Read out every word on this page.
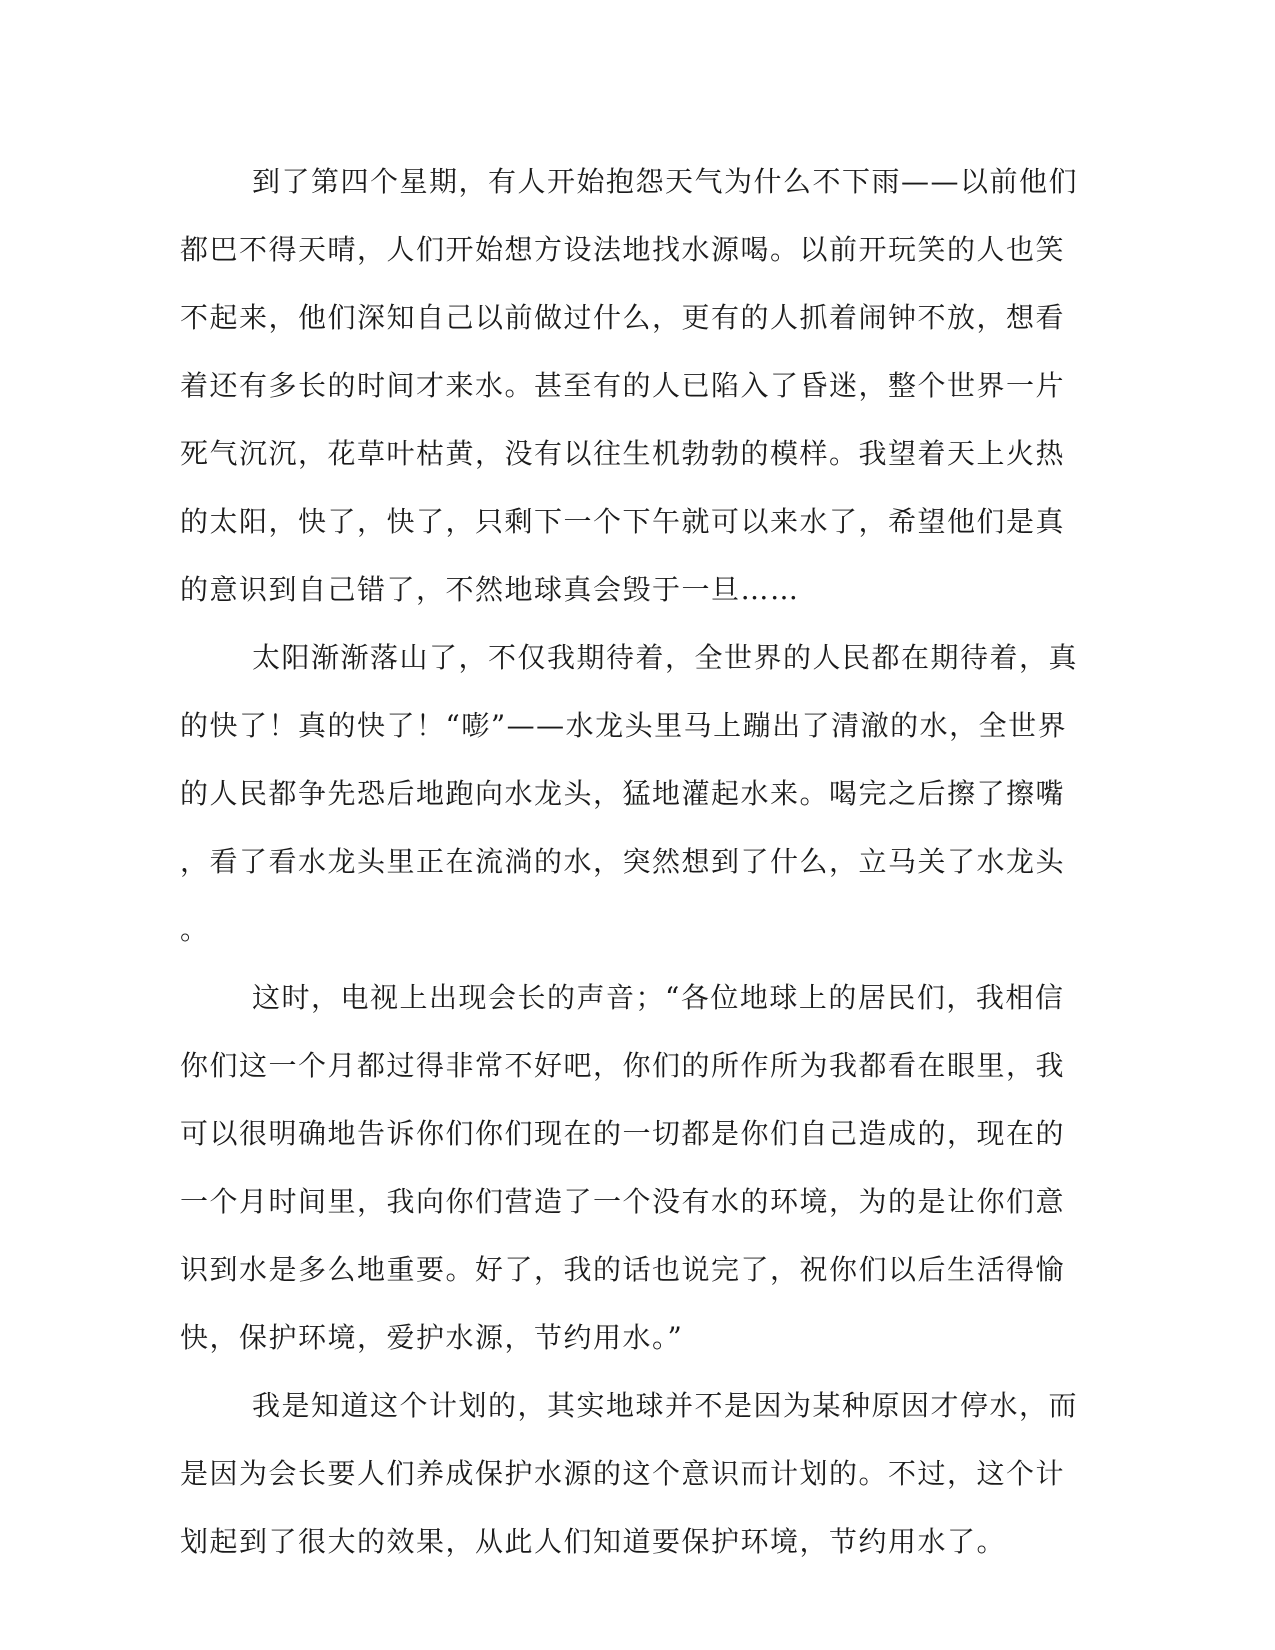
到了第四个星期，有人开始抱怨天气为什么不下雨——以前他们
都巴不得天晴，人们开始想方设法地找水源喝。以前开玩笑的人也笑
不起来，他们深知自己以前做过什么，更有的人抓着闹钟不放，想看
着还有多长的时间才来水。甚至有的人已陷入了昏迷，整个世界一片
死气沉沉，花草叶枯黄，没有以往生机勃勃的模样。我望着天上火热
的太阳，快了，快了，只剩下一个下午就可以来水了，希望他们是真
的意识到自己错了，不然地球真会毁于一旦……
太阳渐渐落山了，不仅我期待着，全世界的人民都在期待着，真
的快了！真的快了！“嘭”——水龙头里马上蹦出了清澈的水，全世界
的人民都争先恐后地跑向水龙头，猛地灌起水来。喝完之后擦了擦嘴
，看了看水龙头里正在流淌的水，突然想到了什么，立马关了水龙头
。
这时，电视上出现会长的声音；“各位地球上的居民们，我相信
你们这一个月都过得非常不好吧，你们的所作所为我都看在眼里，我
可以很明确地告诉你们你们现在的一切都是你们自己造成的，现在的
一个月时间里，我向你们营造了一个没有水的环境，为的是让你们意
识到水是多么地重要。好了，我的话也说完了，祝你们以后生活得愉
快，保护环境，爱护水源，节约用水。”
我是知道这个计划的，其实地球并不是因为某种原因才停水，而
是因为会长要人们养成保护水源的这个意识而计划的。不过，这个计
划起到了很大的效果，从此人们知道要保护环境，节约用水了。
